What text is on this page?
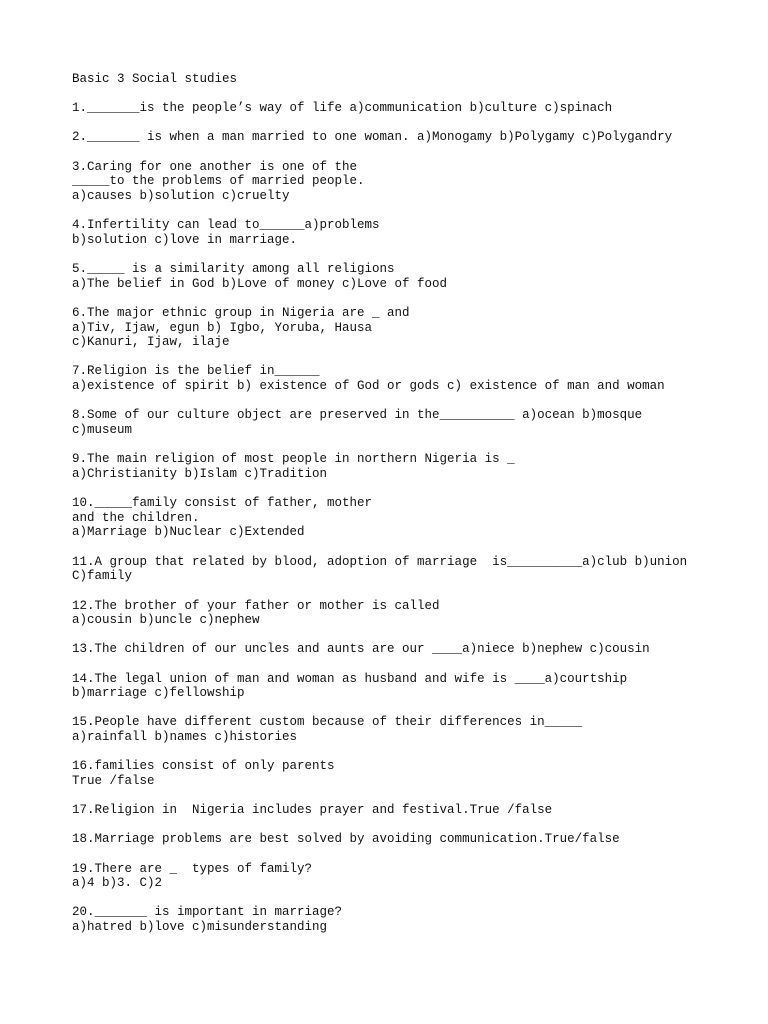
Basic 3 Social studies
1._______is the people’s way of life a)communication b)culture c)spinach
2._______ is when a man married to one woman. a)Monogamy b)Polygamy c)Polygandry
3.Caring for one another is one of the
_____to the problems of married people.
a)causes b)solution c)cruelty
4.Infertility can lead to______a)problems
b)solution c)love in marriage.
5._____ is a similarity among all religions
a)The belief in God b)Love of money c)Love of food
6.The major ethnic group in Nigeria are _ and
a)Tiv, Ijaw, egun b) Igbo, Yoruba, Hausa
c)Kanuri, Ijaw, ilaje
7.Religion is the belief in______
a)existence of spirit b) existence of God or gods c) existence of man and woman
8.Some of our culture object are preserved in the__________ a)ocean b)mosque
c)museum
9.The main religion of most people in northern Nigeria is _
a)Christianity b)Islam c)Tradition
10._____family consist of father, mother
and the children.
a)Marriage b)Nuclear c)Extended
11.A group that related by blood, adoption of marriage  is__________a)club b)union
C)family
12.The brother of your father or mother is called
a)cousin b)uncle c)nephew
13.The children of our uncles and aunts are our ____a)niece b)nephew c)cousin
14.The legal union of man and woman as husband and wife is ____a)courtship
b)marriage c)fellowship
15.People have different custom because of their differences in_____
a)rainfall b)names c)histories
16.families consist of only parents
True /false
17.Religion in  Nigeria includes prayer and festival.True /false
18.Marriage problems are best solved by avoiding communication.True/false
19.There are _  types of family?
a)4 b)3. C)2
20._______ is important in marriage?
a)hatred b)love c)misunderstanding
